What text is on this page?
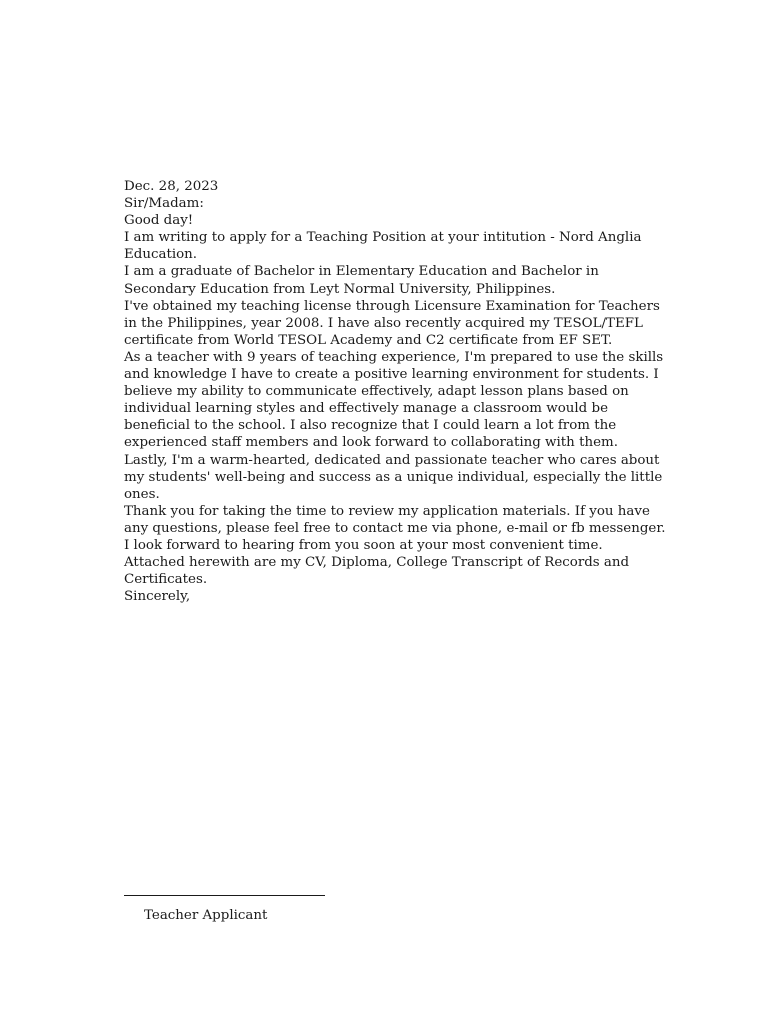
Dec. 28, 2023

Sir/Madam:

Good day!

I am writing to apply for a Teaching Position at your intitution - Nord Anglia Education.

I am a graduate of Bachelor in Elementary Education and Bachelor in Secondary Education from Leyt Normal University, Philippines.

I've obtained my teaching license through Licensure Examination for Teachers in the Philippines, year 2008. I have also recently acquired my TESOL/TEFL certificate from World TESOL Academy and C2 certificate from EF SET.

As a teacher with 9 years of teaching experience, I'm prepared to use the skills and knowledge I have to create a positive learning environment for students. I believe my ability to communicate effectively, adapt lesson plans based on individual learning styles and effectively manage a classroom would be beneficial to the school. I also recognize that I could learn a lot from the experienced staff members and look forward to collaborating with them.

Lastly, I'm a warm-hearted, dedicated and passionate teacher who cares about my students' well-being and success as a unique individual, especially the little ones.

Thank you for taking the time to review my application materials. If you have any questions, please feel free to contact me via phone, e-mail or fb messenger. I look forward to hearing from you soon at your most convenient time.

Attached herewith are my CV, Diploma, College Transcript of Records and Certificates.

Sincerely,

Teacher Applicant
